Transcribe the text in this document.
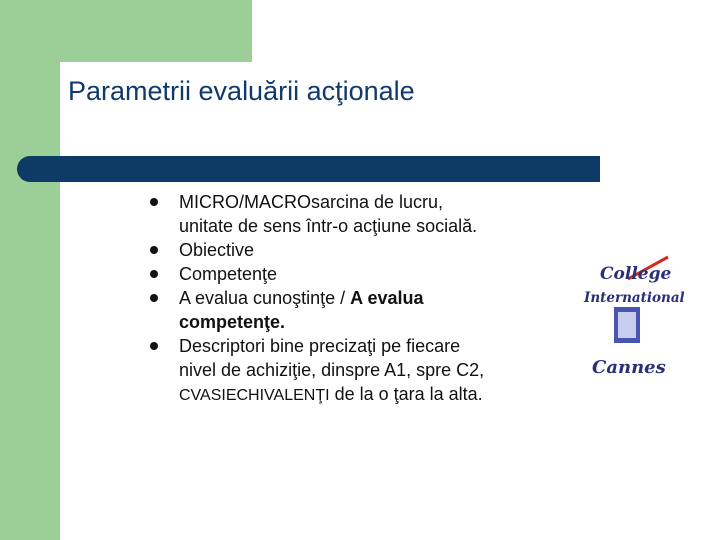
Parametrii evaluării acţionale
MICRO/MACROsarcina de lucru,
unitate de sens într-o acţiune socială.
Obiective
Competenţe
A evalua cunoştinţe / A evalua
competenţe.
Descriptori bine precizaţi pe fiecare
nivel de achiziţie, dinspre A1, spre C2,
CVASIECHIVALENŢI de la o ţara la alta.
College
International
Cannes
